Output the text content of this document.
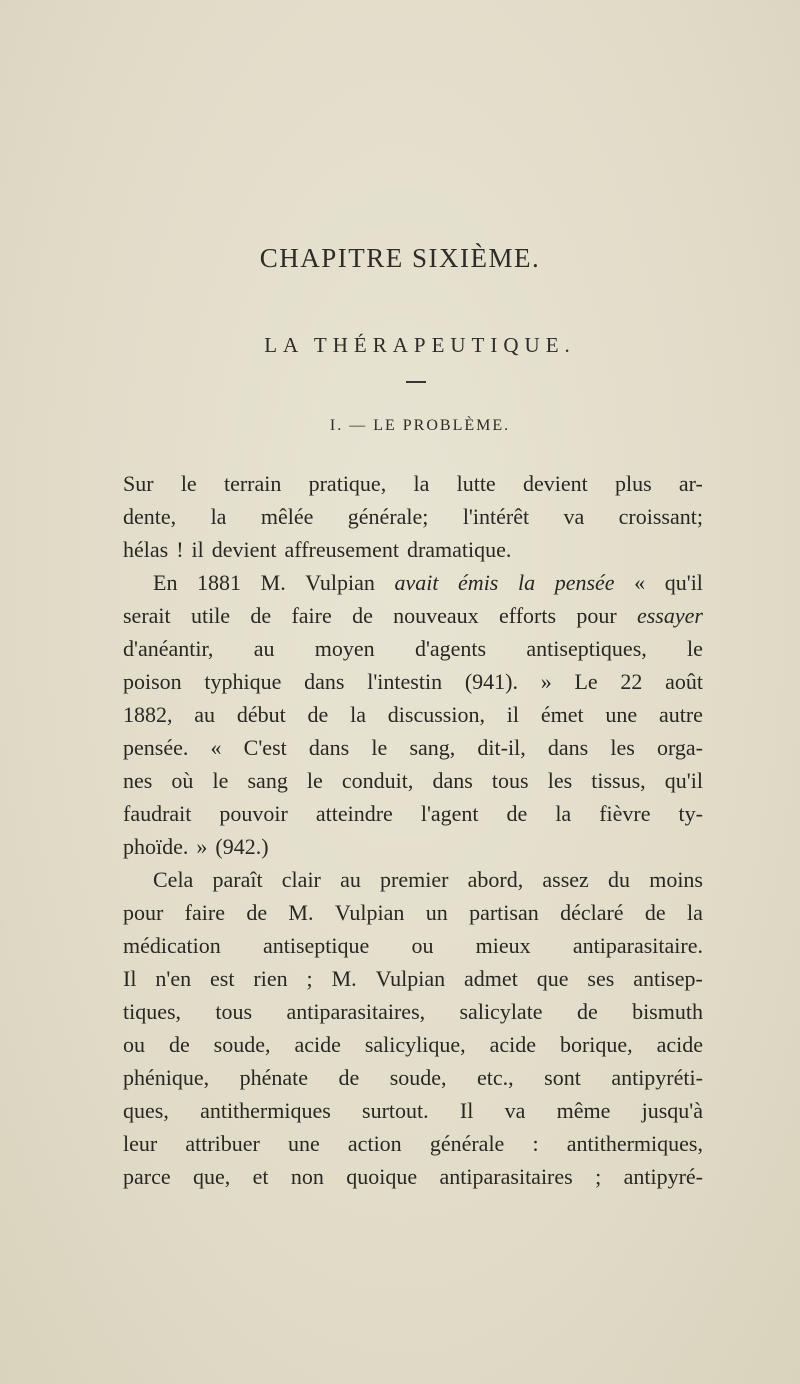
CHAPITRE SIXIÈME.
LA THÉRAPEUTIQUE.
I. — LE PROBLÈME.
Sur le terrain pratique, la lutte devient plus ar-
dente, la mêlée générale; l'intérêt va croissant;
hélas ! il devient affreusement dramatique.
En 1881 M. Vulpian avait émis la pensée « qu'il
serait utile de faire de nouveaux efforts pour essayer
d'anéantir, au moyen d'agents antiseptiques, le
poison typhique dans l'intestin (941). » Le 22 août
1882, au début de la discussion, il émet une autre
pensée. « C'est dans le sang, dit-il, dans les orga-
nes où le sang le conduit, dans tous les tissus, qu'il
faudrait pouvoir atteindre l'agent de la fièvre ty-
phoïde. » (942.)
Cela paraît clair au premier abord, assez du moins
pour faire de M. Vulpian un partisan déclaré de la
médication antiseptique ou mieux antiparasitaire.
Il n'en est rien ; M. Vulpian admet que ses antisep-
tiques, tous antiparasitaires, salicylate de bismuth
ou de soude, acide salicylique, acide borique, acide
phénique, phénate de soude, etc., sont antipyréti-
ques, antithermiques surtout. Il va même jusqu'à
leur attribuer une action générale : antithermiques,
parce que, et non quoique antiparasitaires ; antipyré-
